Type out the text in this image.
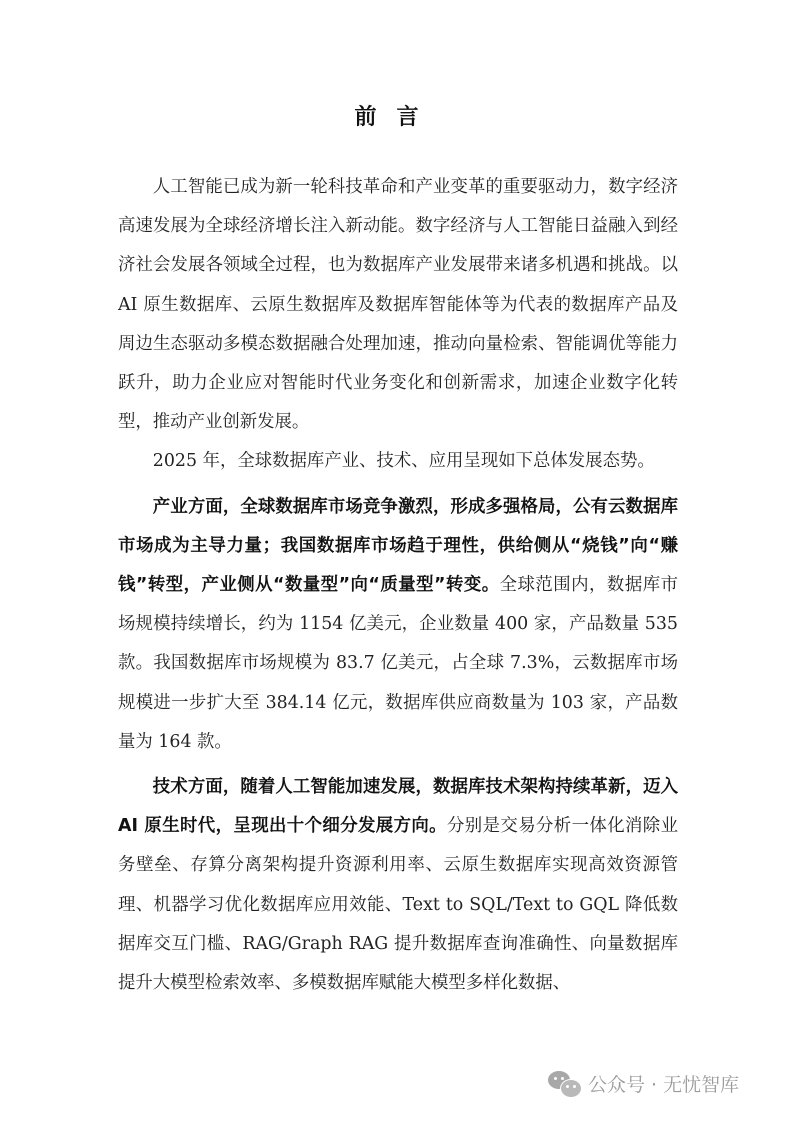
前言

人工智能已成为新一轮科技革命和产业变革的重要驱动力，数字经济高速发展为全球经济增长注入新动能。数字经济与人工智能日益融入到经济社会发展各领域全过程，也为数据库产业发展带来诸多机遇和挑战。以 AI 原生数据库、云原生数据库及数据库智能体等为代表的数据库产品及周边生态驱动多模态数据融合处理加速，推动向量检索、智能调优等能力跃升，助力企业应对智能时代业务变化和创新需求，加速企业数字化转型，推动产业创新发展。

2025 年，全球数据库产业、技术、应用呈现如下总体发展态势。

产业方面，全球数据库市场竞争激烈，形成多强格局，公有云数据库市场成为主导力量；我国数据库市场趋于理性，供给侧从“烧钱”向“赚钱”转型，产业侧从“数量型”向“质量型”转变。全球范围内，数据库市场规模持续增长，约为 1154 亿美元，企业数量 400 家，产品数量 535 款。我国数据库市场规模为 83.7 亿美元，占全球 7.3%，云数据库市场规模进一步扩大至 384.14 亿元，数据库供应商数量为 103 家，产品数量为 164 款。

技术方面，随着人工智能加速发展，数据库技术架构持续革新，迈入 AI 原生时代，呈现出十个细分发展方向。分别是交易分析一体化消除业务壁垒、存算分离架构提升资源利用率、云原生数据库实现高效资源管理、机器学习优化数据库应用效能、Text to SQL/Text to GQL 降低数据库交互门槛、RAG/Graph RAG 提升数据库查询准确性、向量数据库提升大模型检索效率、多模数据库赋能大模型多样化数据、

公众号 · 无忧智库
